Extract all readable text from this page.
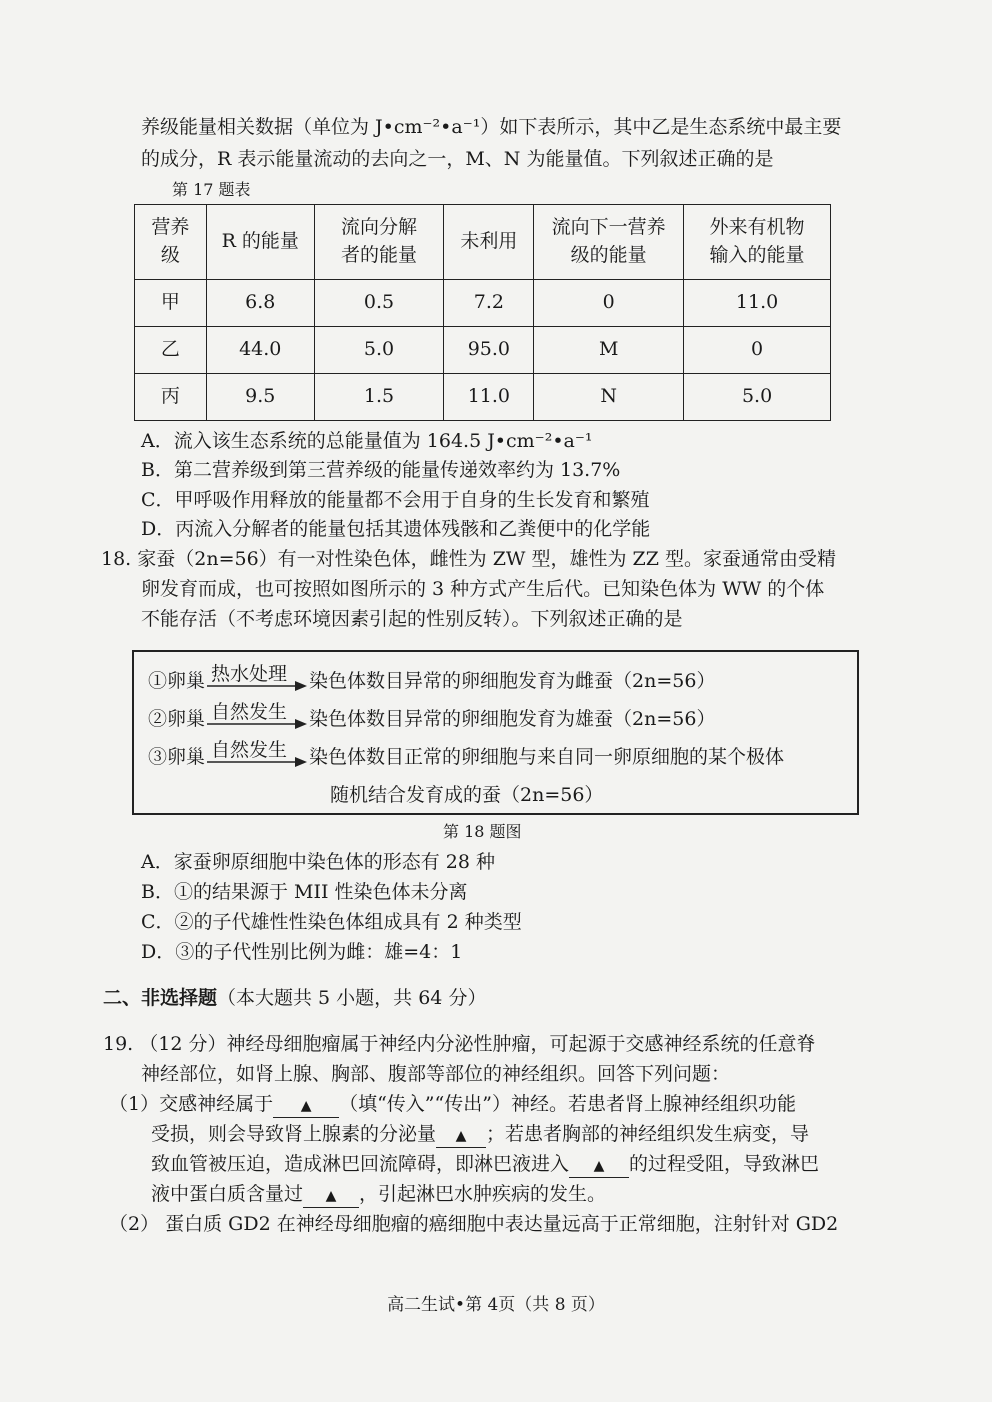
养级能量相关数据（单位为 J•cm⁻²•a⁻¹）如下表所示，其中乙是生态系统中最主要
的成分，R 表示能量流动的去向之一，M、N 为能量值。下列叙述正确的是
第 17 题表
营养级	R 的能量	流向分解者的能量	未利用	流向下一营养级的能量	外来有机物输入的能量

甲	6.8	0.5	7.2	0	11.0
乙	44.0	5.0	95.0	M	0
丙	9.5	1.5	11.0	N	5.0
A．流入该生态系统的总能量值为 164.5 J•cm⁻²•a⁻¹
B．第二营养级到第三营养级的能量传递效率约为 13.7%
C．甲呼吸作用释放的能量都不会用于自身的生长发育和繁殖
D．丙流入分解者的能量包括其遗体残骸和乙粪便中的化学能
18. 家蚕（2n=56）有一对性染色体，雌性为 ZW 型，雄性为 ZZ 型。家蚕通常由受精
卵发育而成，也可按照如图所示的 3 种方式产生后代。已知染色体为 WW 的个体
不能存活（不考虑环境因素引起的性别反转）。下列叙述正确的是
①卵巢 热水处理 染色体数目异常的卵细胞发育为雌蚕（2n=56）
②卵巢 自然发生 染色体数目异常的卵细胞发育为雄蚕（2n=56）
③卵巢 自然发生 染色体数目正常的卵细胞与来自同一卵原细胞的某个极体
随机结合发育成的蚕（2n=56）
第 18 题图
A．家蚕卵原细胞中染色体的形态有 28 种
B．①的结果源于 MII 性染色体未分离
C．②的子代雄性性染色体组成具有 2 种类型
D．③的子代性别比例为雌：雄=4：1
二、非选择题（本大题共 5 小题，共 64 分）
19. （12 分）神经母细胞瘤属于神经内分泌性肿瘤，可起源于交感神经系统的任意脊
神经部位，如肾上腺、胸部、腹部等部位的神经组织。回答下列问题：
（1）交感神经属于 ▲ （填“传入”“传出”）神经。若患者肾上腺神经组织功能
受损，则会导致肾上腺素的分泌量 ▲ ；若患者胸部的神经组织发生病变，导
致血管被压迫，造成淋巴回流障碍，即淋巴液进入 ▲ 的过程受阻，导致淋巴
液中蛋白质含量过 ▲ ，引起淋巴水肿疾病的发生。
（2） 蛋白质 GD2 在神经母细胞瘤的癌细胞中表达量远高于正常细胞，注射针对 GD2
高二生试•第 4页（共 8 页）
